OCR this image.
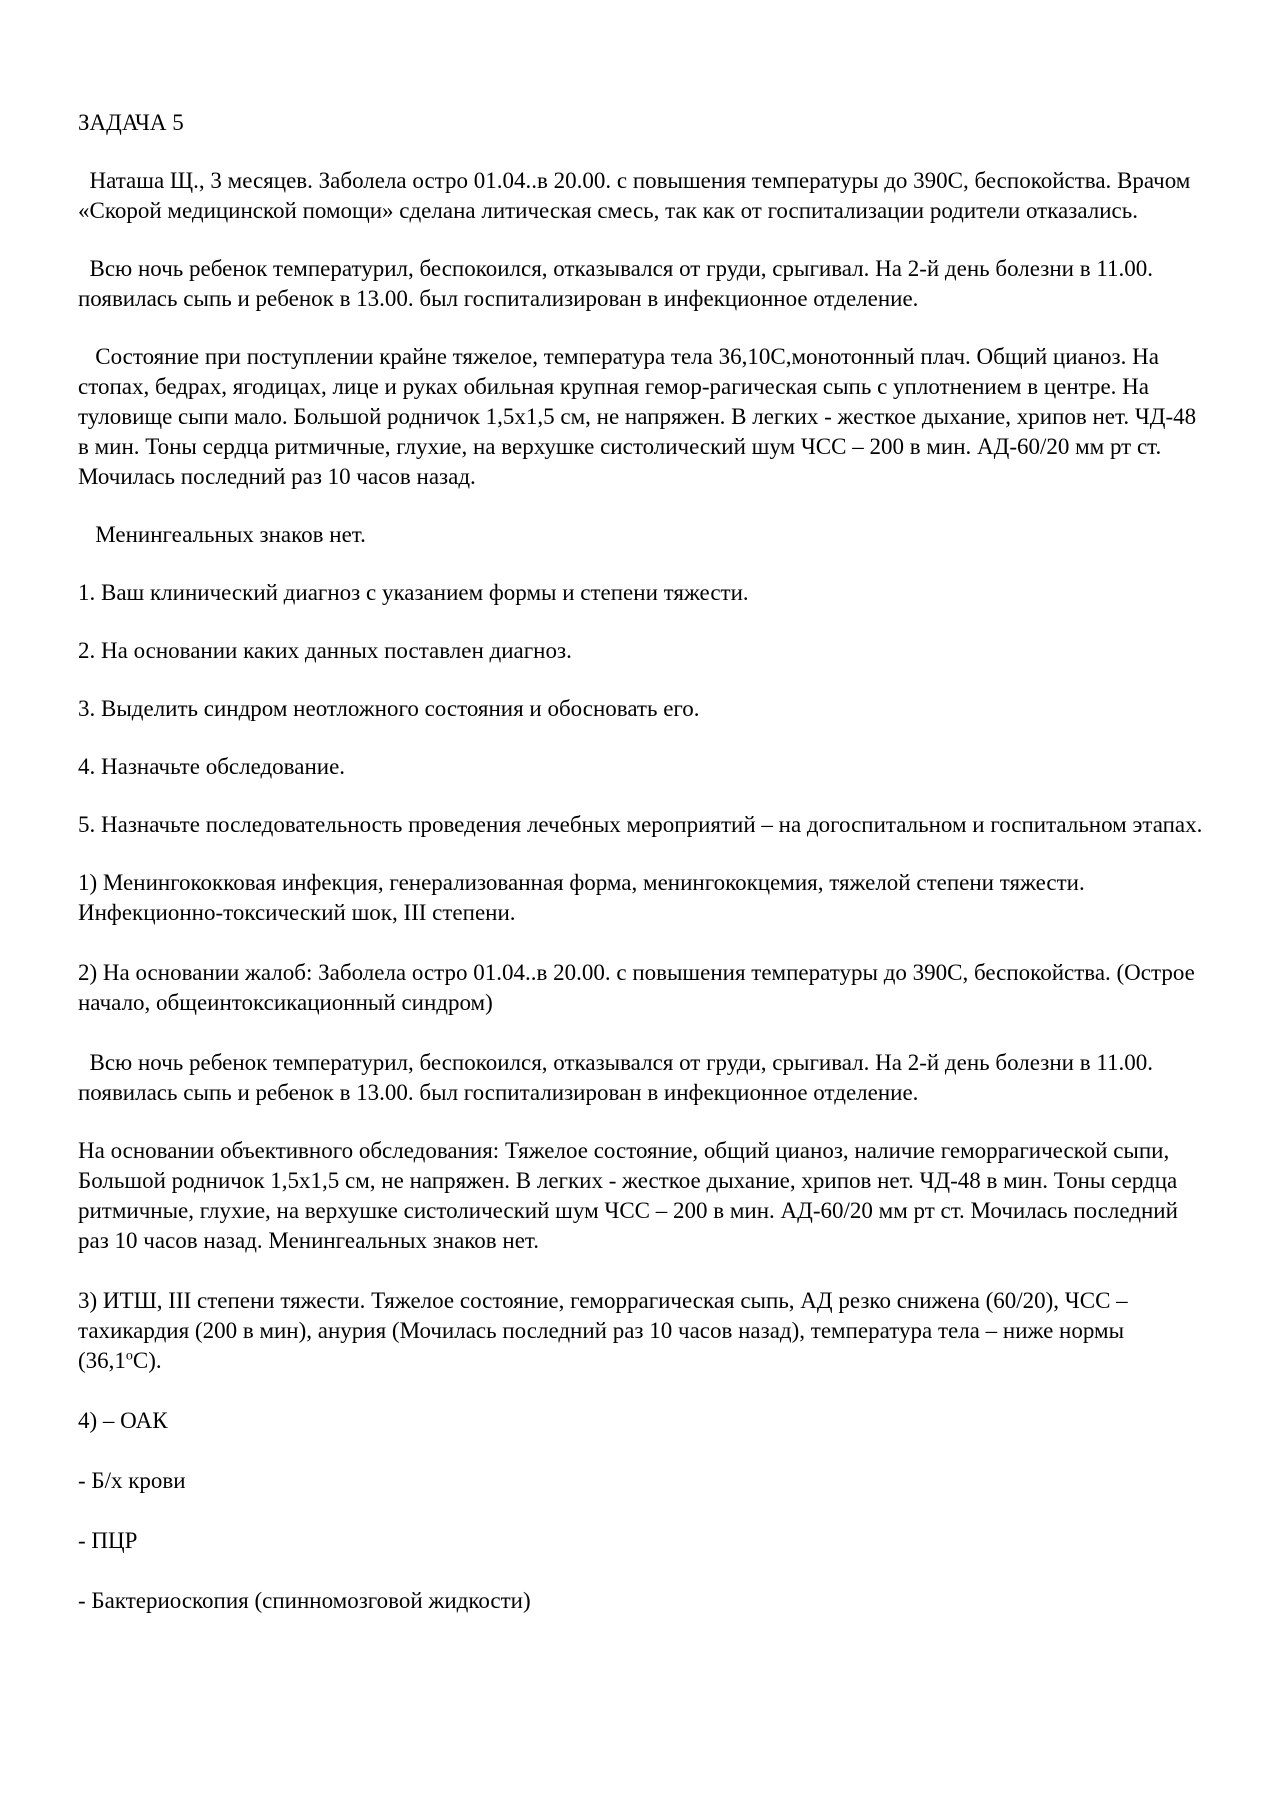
ЗАДАЧА 5

Наташа Щ., 3 месяцев. Заболела остро 01.04..в 20.00. с повышения температуры до 390С, беспокойства. Врачом «Скорой медицинской помощи» сделана литическая смесь, так как от госпитализации родители отказались.

Всю ночь ребенок температурил, беспокоился, отказывался от груди, срыгивал. На 2-й день болезни в 11.00. появилась сыпь и ребенок в 13.00. был госпитализирован в инфекционное отделение.

Состояние при поступлении крайне тяжелое, температура тела 36,10С,монотонный плач. Общий цианоз. На стопах, бедрах, ягодицах, лице и руках обильная крупная гемор-рагическая сыпь с уплотнением в центре. На туловище сыпи мало. Большой родничок 1,5х1,5 см, не напряжен. В легких - жесткое дыхание, хрипов нет. ЧД-48 в мин. Тоны сердца ритмичные, глухие, на верхушке систолический шум ЧСС – 200 в мин. АД-60/20 мм рт ст. Мочилась последний раз 10 часов назад.

Менингеальных знаков нет.

1. Ваш клинический диагноз с указанием формы и степени тяжести.

2. На основании каких данных поставлен диагноз.

3. Выделить синдром неотложного состояния и обосновать его.

4. Назначьте обследование.

5. Назначьте последовательность проведения лечебных мероприятий – на догоспитальном и госпитальном этапах.

1) Менингококковая инфекция, генерализованная форма, менингококцемия, тяжелой степени тяжести. Инфекционно-токсический шок, III степени.

2) На основании жалоб: Заболела остро 01.04..в 20.00. с повышения температуры до 390С, беспокойства. (Острое начало, общеинтоксикационный синдром)

Всю ночь ребенок температурил, беспокоился, отказывался от груди, срыгивал. На 2-й день болезни в 11.00. появилась сыпь и ребенок в 13.00. был госпитализирован в инфекционное отделение.

На основании объективного обследования: Тяжелое состояние, общий цианоз, наличие геморрагической сыпи, Большой родничок 1,5х1,5 см, не напряжен. В легких - жесткое дыхание, хрипов нет. ЧД-48 в мин. Тоны сердца ритмичные, глухие, на верхушке систолический шум ЧСС – 200 в мин. АД-60/20 мм рт ст. Мочилась последний раз 10 часов назад. Менингеальных знаков нет.

3) ИТШ, III степени тяжести. Тяжелое состояние, геморрагическая сыпь, АД резко снижена (60/20), ЧСС – тахикардия (200 в мин), анурия (Мочилась последний раз 10 часов назад), температура тела – ниже нормы $(36,1^оС)$.

4) – ОАК

- Б/х крови

- ПЦР

- Бактериоскопия (спинномозговой жидкости)
